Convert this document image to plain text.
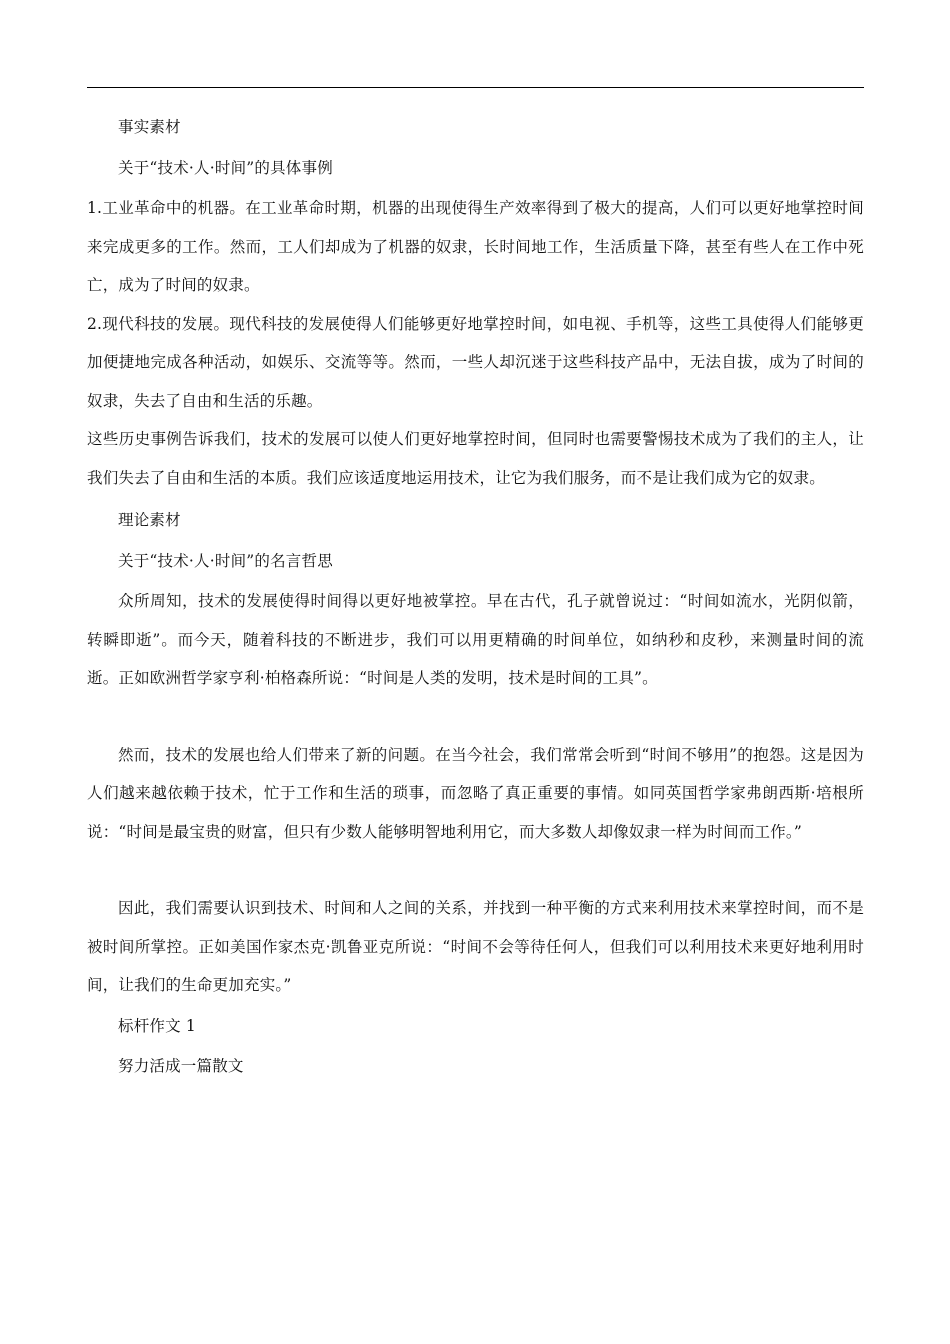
事实素材

关于“技术·人·时间”的具体事例

1.工业革命中的机器。在工业革命时期，机器的出现使得生产效率得到了极大的提高，人们可以更好地掌控时间来完成更多的工作。然而，工人们却成为了机器的奴隶，长时间地工作，生活质量下降，甚至有些人在工作中死亡，成为了时间的奴隶。

2.现代科技的发展。现代科技的发展使得人们能够更好地掌控时间，如电视、手机等，这些工具使得人们能够更加便捷地完成各种活动，如娱乐、交流等等。然而，一些人却沉迷于这些科技产品中，无法自拔，成为了时间的奴隶，失去了自由和生活的乐趣。

这些历史事例告诉我们，技术的发展可以使人们更好地掌控时间，但同时也需要警惕技术成为了我们的主人，让我们失去了自由和生活的本质。我们应该适度地运用技术，让它为我们服务，而不是让我们成为它的奴隶。

理论素材

关于“技术·人·时间”的名言哲思

众所周知，技术的发展使得时间得以更好地被掌控。早在古代，孔子就曾说过：“时间如流水，光阴似箭，转瞬即逝”。而今天，随着科技的不断进步，我们可以用更精确的时间单位，如纳秒和皮秒，来测量时间的流逝。正如欧洲哲学家亨利·柏格森所说：“时间是人类的发明，技术是时间的工具”。

然而，技术的发展也给人们带来了新的问题。在当今社会，我们常常会听到“时间不够用”的抱怨。这是因为人们越来越依赖于技术，忙于工作和生活的琐事，而忽略了真正重要的事情。如同英国哲学家弗朗西斯·培根所说：“时间是最宝贵的财富，但只有少数人能够明智地利用它，而大多数人却像奴隶一样为时间而工作。”

因此，我们需要认识到技术、时间和人之间的关系，并找到一种平衡的方式来利用技术来掌控时间，而不是被时间所掌控。正如美国作家杰克·凯鲁亚克所说：“时间不会等待任何人，但我们可以利用技术来更好地利用时间，让我们的生命更加充实。”

标杆作文 1

努力活成一篇散文
